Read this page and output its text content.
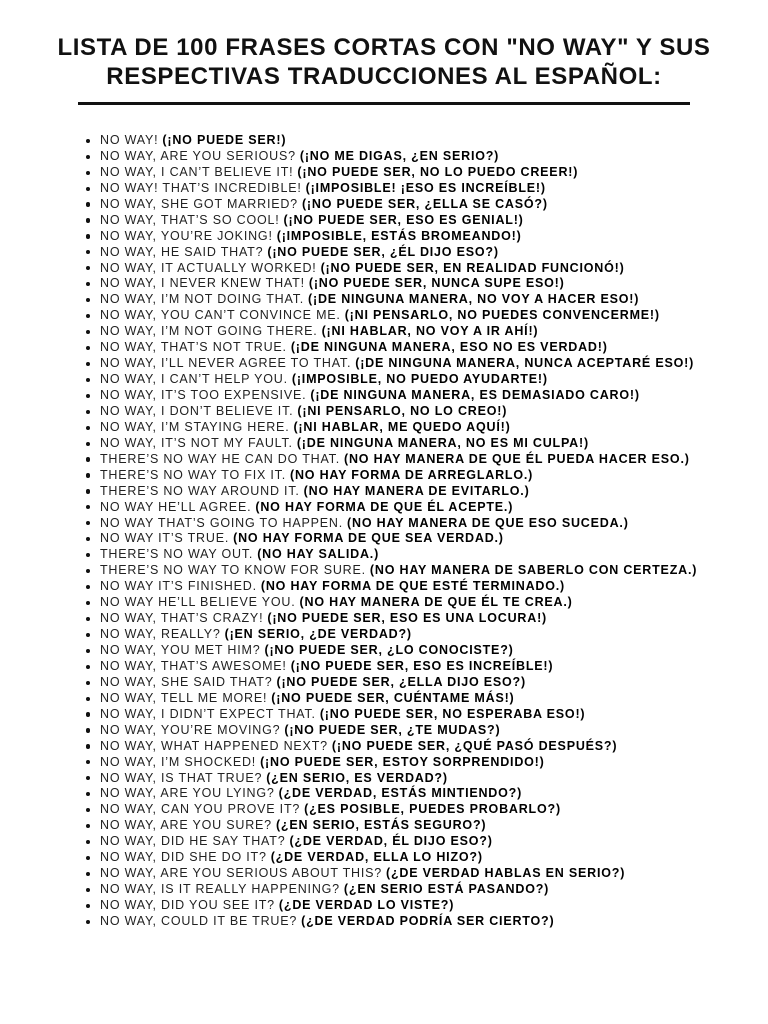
LISTA DE 100 FRASES CORTAS CON "NO WAY" Y SUS RESPECTIVAS TRADUCCIONES AL ESPAÑOL:
NO WAY! (¡NO PUEDE SER!)
NO WAY, ARE YOU SERIOUS? (¡NO ME DIGAS, ¿EN SERIO?)
NO WAY, I CAN’T BELIEVE IT! (¡NO PUEDE SER, NO LO PUEDO CREER!)
NO WAY! THAT’S INCREDIBLE! (¡IMPOSIBLE! ¡ESO ES INCREÍBLE!)
NO WAY, SHE GOT MARRIED? (¡NO PUEDE SER, ¿ELLA SE CASÓ?)
NO WAY, THAT’S SO COOL! (¡NO PUEDE SER, ESO ES GENIAL!)
NO WAY, YOU’RE JOKING! (¡IMPOSIBLE, ESTÁS BROMEANDO!)
NO WAY, HE SAID THAT? (¡NO PUEDE SER, ¿ÉL DIJO ESO?)
NO WAY, IT ACTUALLY WORKED! (¡NO PUEDE SER, EN REALIDAD FUNCIONÓ!)
NO WAY, I NEVER KNEW THAT! (¡NO PUEDE SER, NUNCA SUPE ESO!)
NO WAY, I’M NOT DOING THAT. (¡DE NINGUNA MANERA, NO VOY A HACER ESO!)
NO WAY, YOU CAN’T CONVINCE ME. (¡NI PENSARLO, NO PUEDES CONVENCERME!)
NO WAY, I’M NOT GOING THERE. (¡NI HABLAR, NO VOY A IR AHÍ!)
NO WAY, THAT’S NOT TRUE. (¡DE NINGUNA MANERA, ESO NO ES VERDAD!)
NO WAY, I’LL NEVER AGREE TO THAT. (¡DE NINGUNA MANERA, NUNCA ACEPTARÉ ESO!)
NO WAY, I CAN’T HELP YOU. (¡IMPOSIBLE, NO PUEDO AYUDARTE!)
NO WAY, IT’S TOO EXPENSIVE. (¡DE NINGUNA MANERA, ES DEMASIADO CARO!)
NO WAY, I DON’T BELIEVE IT. (¡NI PENSARLO, NO LO CREO!)
NO WAY, I’M STAYING HERE. (¡NI HABLAR, ME QUEDO AQUÍ!)
NO WAY, IT’S NOT MY FAULT. (¡DE NINGUNA MANERA, NO ES MI CULPA!)
THERE’S NO WAY HE CAN DO THAT. (NO HAY MANERA DE QUE ÉL PUEDA HACER ESO.)
THERE’S NO WAY TO FIX IT. (NO HAY FORMA DE ARREGLARLO.)
THERE’S NO WAY AROUND IT. (NO HAY MANERA DE EVITARLO.)
NO WAY HE’LL AGREE. (NO HAY FORMA DE QUE ÉL ACEPTE.)
NO WAY THAT’S GOING TO HAPPEN. (NO HAY MANERA DE QUE ESO SUCEDA.)
NO WAY IT’S TRUE. (NO HAY FORMA DE QUE SEA VERDAD.)
THERE’S NO WAY OUT. (NO HAY SALIDA.)
THERE’S NO WAY TO KNOW FOR SURE. (NO HAY MANERA DE SABERLO CON CERTEZA.)
NO WAY IT’S FINISHED. (NO HAY FORMA DE QUE ESTÉ TERMINADO.)
NO WAY HE’LL BELIEVE YOU. (NO HAY MANERA DE QUE ÉL TE CREA.)
NO WAY, THAT’S CRAZY! (¡NO PUEDE SER, ESO ES UNA LOCURA!)
NO WAY, REALLY? (¡EN SERIO, ¿DE VERDAD?)
NO WAY, YOU MET HIM? (¡NO PUEDE SER, ¿LO CONOCISTE?)
NO WAY, THAT’S AWESOME! (¡NO PUEDE SER, ESO ES INCREÍBLE!)
NO WAY, SHE SAID THAT? (¡NO PUEDE SER, ¿ELLA DIJO ESO?)
NO WAY, TELL ME MORE! (¡NO PUEDE SER, CUÉNTAME MÁS!)
NO WAY, I DIDN’T EXPECT THAT. (¡NO PUEDE SER, NO ESPERABA ESO!)
NO WAY, YOU’RE MOVING? (¡NO PUEDE SER, ¿TE MUDAS?)
NO WAY, WHAT HAPPENED NEXT? (¡NO PUEDE SER, ¿QUÉ PASÓ DESPUÉS?)
NO WAY, I’M SHOCKED! (¡NO PUEDE SER, ESTOY SORPRENDIDO!)
NO WAY, IS THAT TRUE? (¿EN SERIO, ES VERDAD?)
NO WAY, ARE YOU LYING? (¿DE VERDAD, ESTÁS MINTIENDO?)
NO WAY, CAN YOU PROVE IT? (¿ES POSIBLE, PUEDES PROBARLO?)
NO WAY, ARE YOU SURE? (¿EN SERIO, ESTÁS SEGURO?)
NO WAY, DID HE SAY THAT? (¿DE VERDAD, ÉL DIJO ESO?)
NO WAY, DID SHE DO IT? (¿DE VERDAD, ELLA LO HIZO?)
NO WAY, ARE YOU SERIOUS ABOUT THIS? (¿DE VERDAD HABLAS EN SERIO?)
NO WAY, IS IT REALLY HAPPENING? (¿EN SERIO ESTÁ PASANDO?)
NO WAY, DID YOU SEE IT? (¿DE VERDAD LO VISTE?)
NO WAY, COULD IT BE TRUE? (¿DE VERDAD PODRÍA SER CIERTO?)
